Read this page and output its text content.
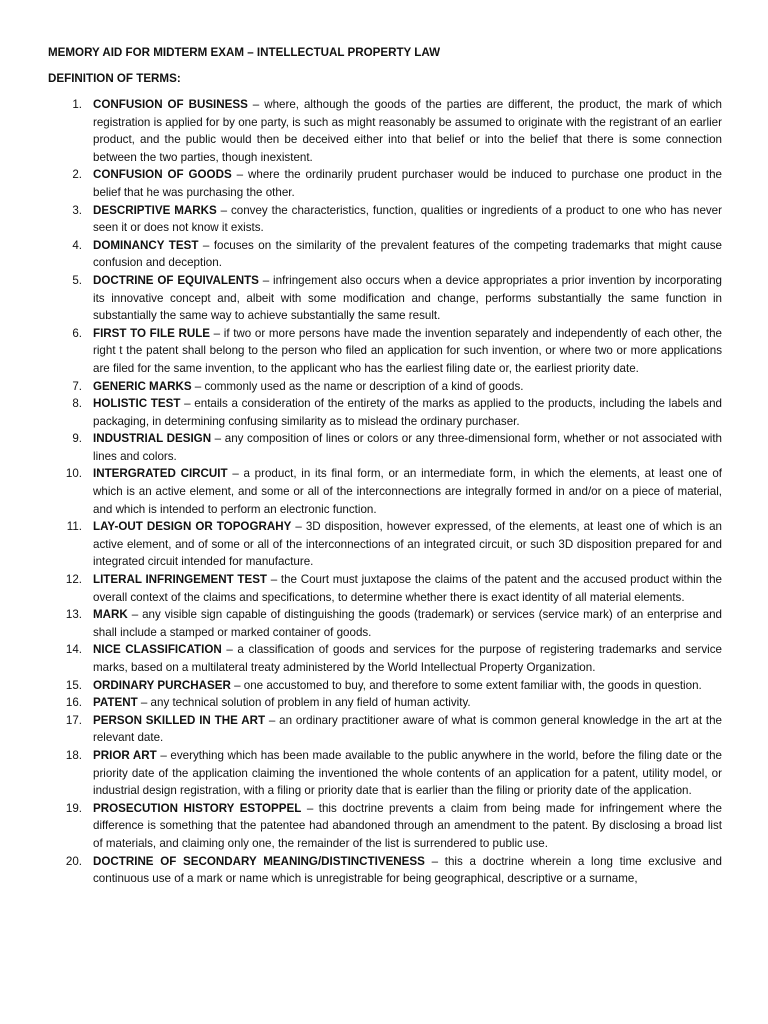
MEMORY AID FOR MIDTERM EXAM – INTELLECTUAL PROPERTY LAW
DEFINITION OF TERMS:
1. CONFUSION OF BUSINESS – where, although the goods of the parties are different, the product, the mark of which registration is applied for by one party, is such as might reasonably be assumed to originate with the registrant of an earlier product, and the public would then be deceived either into that belief or into the belief that there is some connection between the two parties, though inexistent.
2. CONFUSION OF GOODS – where the ordinarily prudent purchaser would be induced to purchase one product in the belief that he was purchasing the other.
3. DESCRIPTIVE MARKS – convey the characteristics, function, qualities or ingredients of a product to one who has never seen it or does not know it exists.
4. DOMINANCY TEST – focuses on the similarity of the prevalent features of the competing trademarks that might cause confusion and deception.
5. DOCTRINE OF EQUIVALENTS – infringement also occurs when a device appropriates a prior invention by incorporating its innovative concept and, albeit with some modification and change, performs substantially the same function in substantially the same way to achieve substantially the same result.
6. FIRST TO FILE RULE – if two or more persons have made the invention separately and independently of each other, the right t the patent shall belong to the person who filed an application for such invention, or where two or more applications are filed for the same invention, to the applicant who has the earliest filing date or, the earliest priority date.
7. GENERIC MARKS – commonly used as the name or description of a kind of goods.
8. HOLISTIC TEST – entails a consideration of the entirety of the marks as applied to the products, including the labels and packaging, in determining confusing similarity as to mislead the ordinary purchaser.
9. INDUSTRIAL DESIGN – any composition of lines or colors or any three-dimensional form, whether or not associated with lines and colors.
10. INTERGRATED CIRCUIT – a product, in its final form, or an intermediate form, in which the elements, at least one of which is an active element, and some or all of the interconnections are integrally formed in and/or on a piece of material, and which is intended to perform an electronic function.
11. LAY-OUT DESIGN OR TOPOGRAHY – 3D disposition, however expressed, of the elements, at least one of which is an active element, and of some or all of the interconnections of an integrated circuit, or such 3D disposition prepared for and integrated circuit intended for manufacture.
12. LITERAL INFRINGEMENT TEST – the Court must juxtapose the claims of the patent and the accused product within the overall context of the claims and specifications, to determine whether there is exact identity of all material elements.
13. MARK – any visible sign capable of distinguishing the goods (trademark) or services (service mark) of an enterprise and shall include a stamped or marked container of goods.
14. NICE CLASSIFICATION – a classification of goods and services for the purpose of registering trademarks and service marks, based on a multilateral treaty administered by the World Intellectual Property Organization.
15. ORDINARY PURCHASER – one accustomed to buy, and therefore to some extent familiar with, the goods in question.
16. PATENT – any technical solution of problem in any field of human activity.
17. PERSON SKILLED IN THE ART – an ordinary practitioner aware of what is common general knowledge in the art at the relevant date.
18. PRIOR ART – everything which has been made available to the public anywhere in the world, before the filing date or the priority date of the application claiming the inventioned the whole contents of an application for a patent, utility model, or industrial design registration, with a filing or priority date that is earlier than the filing or priority date of the application.
19. PROSECUTION HISTORY ESTOPPEL – this doctrine prevents a claim from being made for infringement where the difference is something that the patentee had abandoned through an amendment to the patent. By disclosing a broad list of materials, and claiming only one, the remainder of the list is surrendered to public use.
20. DOCTRINE OF SECONDARY MEANING/DISTINCTIVENESS – this a doctrine wherein a long time exclusive and continuous use of a mark or name which is unregistrable for being geographical, descriptive or a surname,
